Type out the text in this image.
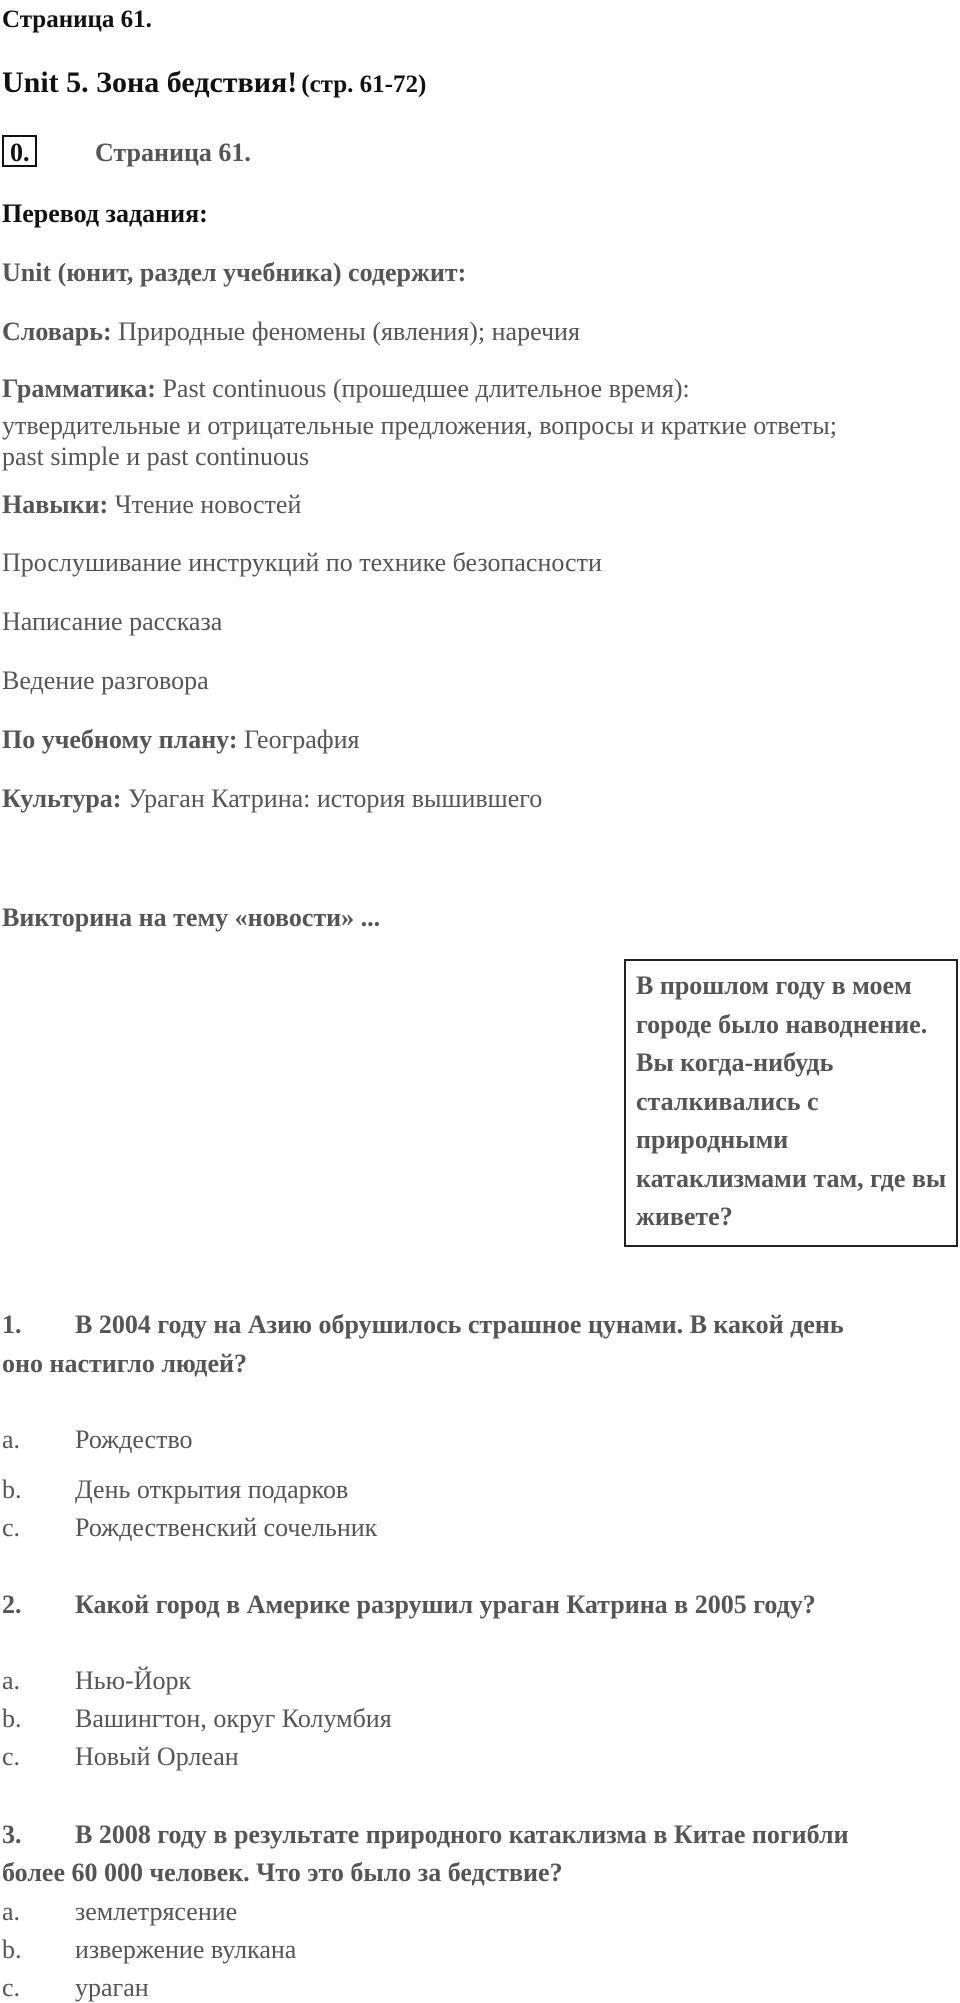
Страница 61.
Unit 5. Зона бедствия! (стр. 61-72)
0.	Страница 61.
Перевод задания:
Unit (юнит, раздел учебника) содержит:
Словарь: Природные феномены (явления); наречия
Грамматика: Past continuous (прошедшее длительное время):
утвердительные и отрицательные предложения, вопросы и краткие ответы;
past simple и past continuous
Навыки: Чтение новостей
Прослушивание инструкций по технике безопасности
Написание рассказа
Ведение разговора
По учебному плану: География
Культура: Ураган Катрина: история вышившего
Викторина на тему «новости» ...
В прошлом году в моем городе было наводнение. Вы когда-нибудь сталкивались с природными катаклизмами там, где вы живете?
1. В 2004 году на Азию обрушилось страшное цунами. В какой день
оно настигло людей?
a. Рождество
b. День открытия подарков
c. Рождественский сочельник
2. Какой город в Америке разрушил ураган Катрина в 2005 году?
a. Нью-Йорк
b. Вашингтон, округ Колумбия
c. Новый Орлеан
3. В 2008 году в результате природного катаклизма в Китае погибли
более 60 000 человек. Что это было за бедствие?
a. землетрясение
b. извержение вулкана
c. ураган
